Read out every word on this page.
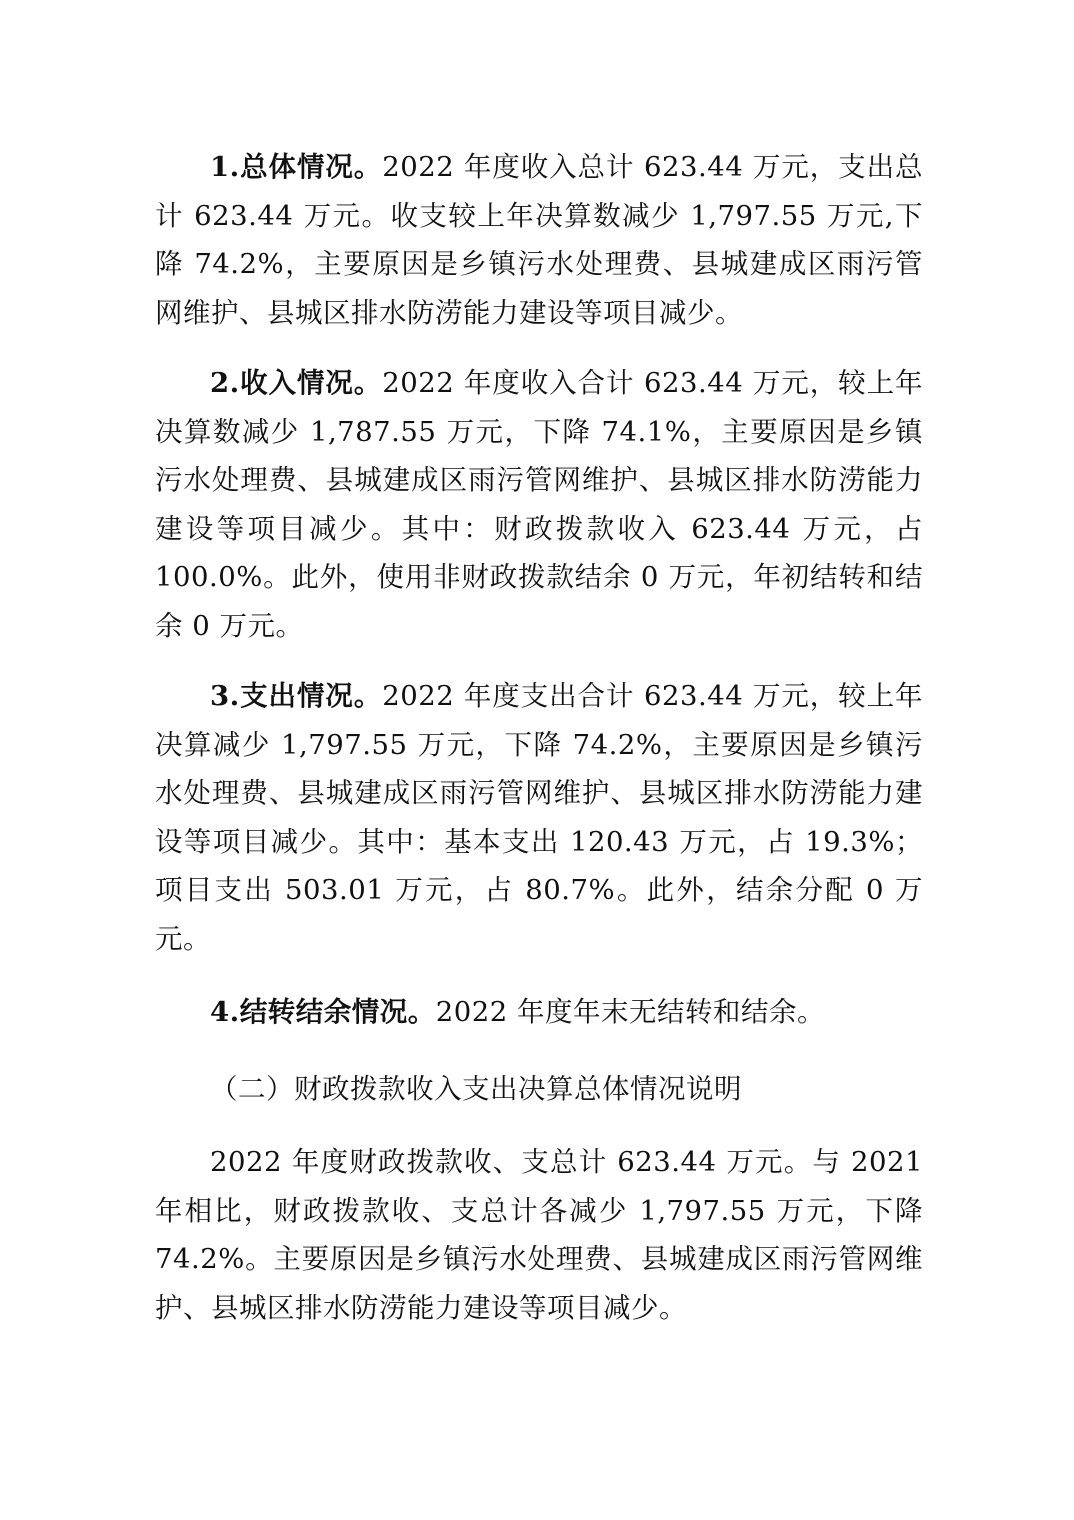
1.总体情况。2022 年度收入总计 623.44 万元，支出总计 623.44 万元。收支较上年决算数减少 1,797.55 万元,下降 74.2%，主要原因是乡镇污水处理费、县城建成区雨污管网维护、县城区排水防涝能力建设等项目减少。

2.收入情况。2022 年度收入合计 623.44 万元，较上年决算数减少 1,787.55 万元，下降 74.1%，主要原因是乡镇污水处理费、县城建成区雨污管网维护、县城区排水防涝能力建设等项目减少。其中：财政拨款收入 623.44 万元，占 100.0%。此外，使用非财政拨款结余 0 万元，年初结转和结余 0 万元。

3.支出情况。2022 年度支出合计 623.44 万元，较上年决算减少 1,797.55 万元，下降 74.2%，主要原因是乡镇污水处理费、县城建成区雨污管网维护、县城区排水防涝能力建设等项目减少。其中：基本支出 120.43 万元，占 19.3%；项目支出 503.01 万元，占 80.7%。此外，结余分配 0 万元。

4.结转结余情况。2022 年度年末无结转和结余。

（二）财政拨款收入支出决算总体情况说明

2022 年度财政拨款收、支总计 623.44 万元。与 2021 年相比，财政拨款收、支总计各减少 1,797.55 万元，下降 74.2%。主要原因是乡镇污水处理费、县城建成区雨污管网维护、县城区排水防涝能力建设等项目减少。
